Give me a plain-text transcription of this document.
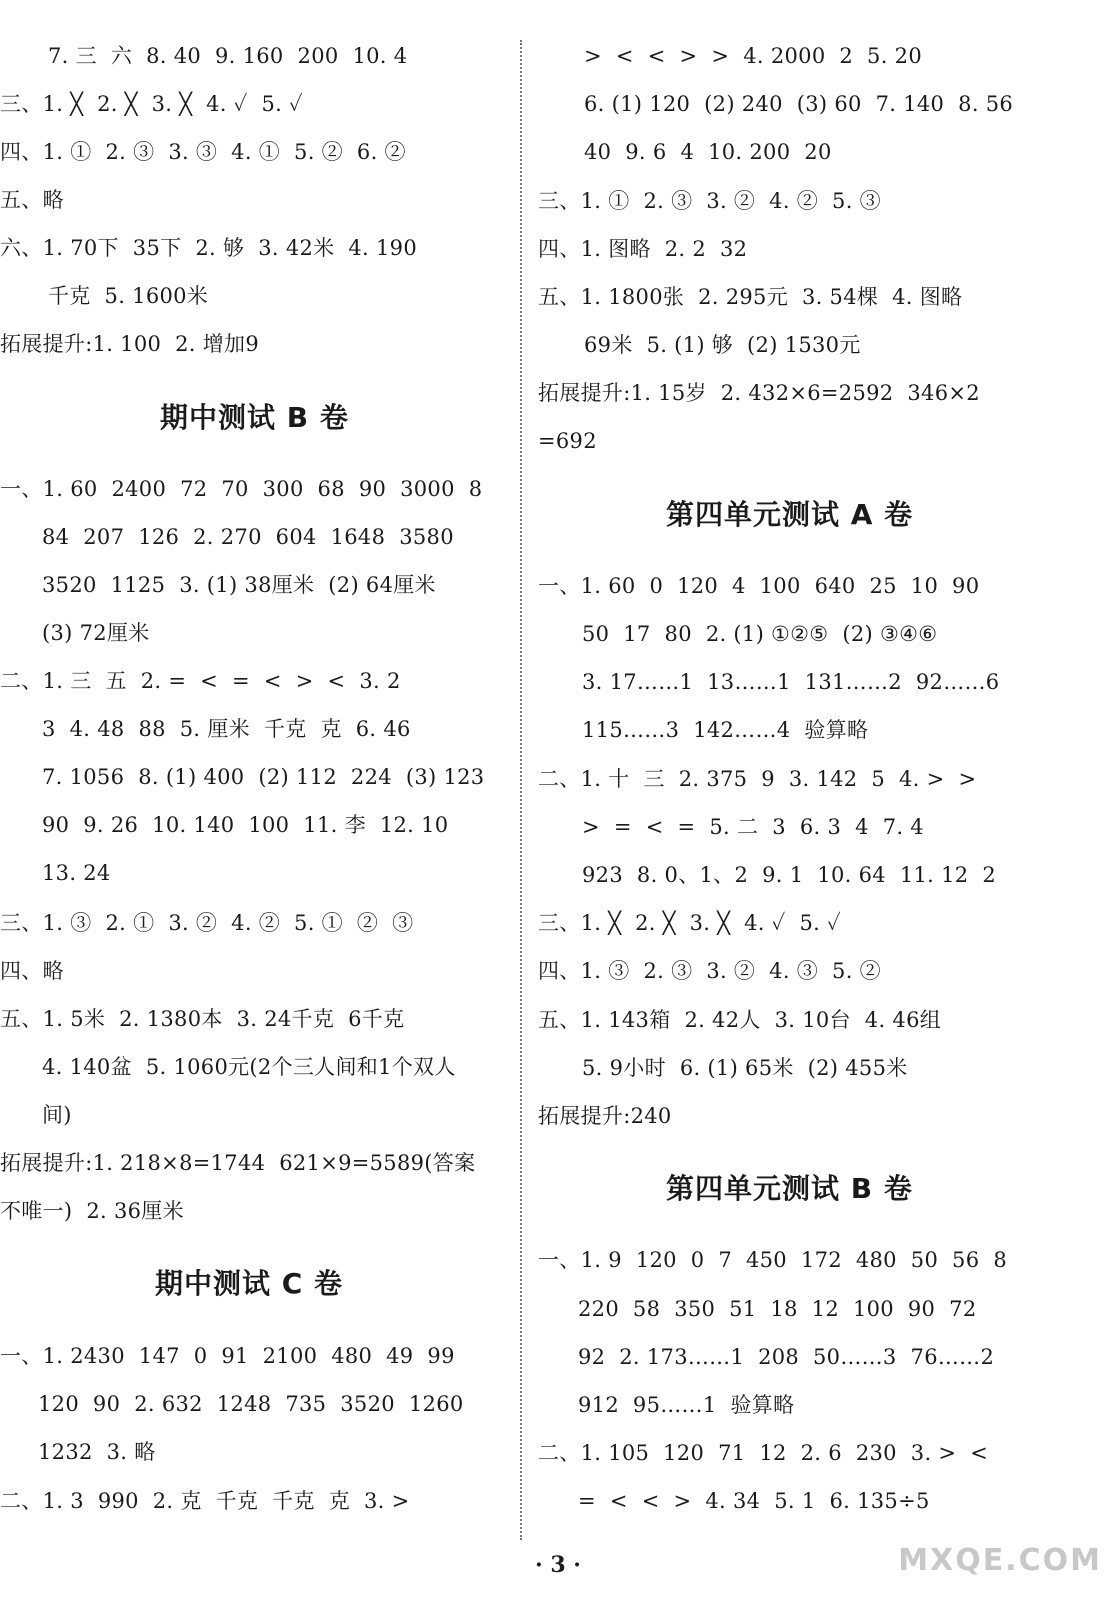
7. 三  六  8. 40  9. 160  200  10. 4
三、1. ╳  2. ╳  3. ╳  4. ✓  5. ✓
四、1. ①  2. ③  3. ③  4. ①  5. ②  6. ②
五、略
六、1. 70下  35下  2. 够  3. 42米  4. 190
千克  5. 1600米
拓展提升:1. 100  2. 增加9
期中测试 B 卷
一、1. 60  2400  72  70  300  68  90  3000  8
84  207  126  2. 270  604  1648  3580
3520  1125  3. (1) 38厘米  (2) 64厘米
(3) 72厘米
二、1. 三  五  2. =  <  =  <  >  <  3. 2
3  4. 48  88  5. 厘米  千克  克  6. 46
7. 1056  8. (1) 400  (2) 112  224  (3) 123
90  9. 26  10. 140  100  11. 李  12. 10
13. 24
三、1. ③  2. ①  3. ②  4. ②  5. ①  ②  ③
四、略
五、1. 5米  2. 1380本  3. 24千克  6千克
4. 140盆  5. 1060元(2个三人间和1个双人
间)
拓展提升:1. 218×8=1744  621×9=5589(答案
不唯一)  2. 36厘米
期中测试 C 卷
一、1. 2430  147  0  91  2100  480  49  99
120  90  2. 632  1248  735  3520  1260
1232  3. 略
二、1. 3  990  2. 克  千克  千克  克  3. >
>  <  <  >  >  4. 2000  2  5. 20
6. (1) 120  (2) 240  (3) 60  7. 140  8. 56
40  9. 6  4  10. 200  20
三、1. ①  2. ③  3. ②  4. ②  5. ③
四、1. 图略  2. 2  32
五、1. 1800张  2. 295元  3. 54棵  4. 图略
69米  5. (1) 够  (2) 1530元
拓展提升:1. 15岁  2. 432×6=2592  346×2
=692
第四单元测试 A 卷
一、1. 60  0  120  4  100  640  25  10  90
50  17  80  2. (1) ①②⑤  (2) ③④⑥
3. 17……1  13……1  131……2  92……6
115……3  142……4  验算略
二、1. 十  三  2. 375  9  3. 142  5  4. >  >
>  =  <  =  5. 二  3  6. 3  4  7. 4
923  8. 0、1、2  9. 1  10. 64  11. 12  2
三、1. ╳  2. ╳  3. ╳  4. ✓  5. ✓
四、1. ③  2. ③  3. ②  4. ③  5. ②
五、1. 143箱  2. 42人  3. 10台  4. 46组
5. 9小时  6. (1) 65米  (2) 455米
拓展提升:240
第四单元测试 B 卷
一、1. 9  120  0  7  450  172  480  50  56  8
220  58  350  51  18  12  100  90  72
92  2. 173……1  208  50……3  76……2
912  95……1  验算略
二、1. 105  120  71  12  2. 6  230  3. >  <
=  <  <  >  4. 34  5. 1  6. 135÷5
· 3 ·	MXQE.COM
